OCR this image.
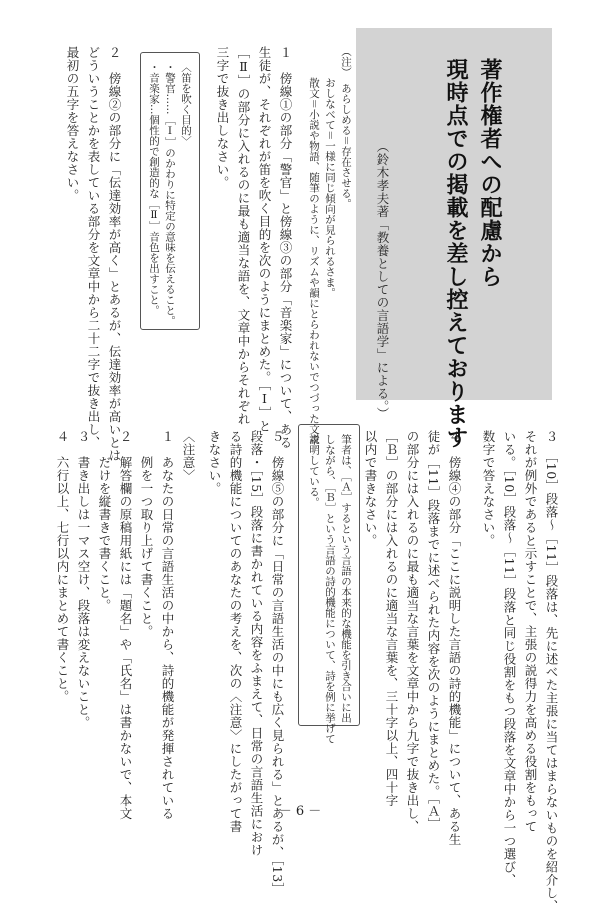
著作権者への配慮から
現時点での掲載を差し控えております
（鈴木孝夫著「教養としての言語学」による。）
（注）　あらしめる＝存在させる。
　　　おしなべて＝一様に同じ傾向が見られるさま。
　　　散文＝小説や物語、随筆のように、リズムや韻にとらわれないでつづった文章。
１　傍線①の部分「警官」と傍線③の部分「音楽家」について、ある
生徒が、それぞれが笛を吹く目的を次のようにまとめた。［Ⅰ］と
［Ⅱ］の部分に入れるのに最も適当な語を、文章中からそれぞれ
三字で抜き出しなさい。
〈笛を吹く目的〉
・警官……［Ⅰ］のかわりに特定の意味を伝えること。
・音楽家…個性的で創造的な［Ⅱ］音色を出すこと。
２　傍線②の部分に「伝達効率が高く」とあるが、伝達効率が高いとは
どういうことかを表している部分を文章中から二十二字で抜き出し、
最初の五字を答えなさい。
３　［10］段落～［11］段落は、先に述べた主張に当てはまらないものを紹介し、
それが例外であると示すことで、主張の説得力を高める役割をもって
いる。［10］段落～［11］段落と同じ役割をもつ段落を文章中から一つ選び、
数字で答えなさい。
４　傍線④の部分「ここに説明した言語の詩的機能」について、ある生
徒が［11］段落までに述べられた内容を次のようにまとめた。［Ａ］
の部分には入れるのに最も適当な言葉を文章中から九字で抜き出し、
［Ｂ］の部分には入れるのに適当な言葉を、三十字以上、四十字
以内で書きなさい。
筆者は、［Ａ］するという言語の本来的な機能を引き合いに出
しながら、［Ｂ］という言語の詩的機能について、詩を例に挙げて
説明している。
５　傍線⑤の部分に「日常の言語生活の中にも広く見られる」とあるが、［13］
段落・［15］段落に書かれている内容をふまえて、日常の言語生活におけ
る詩的機能についてのあなたの考えを、次の〈注意〉にしたがって書
きなさい。
〈注意〉
１　あなたの日常の言語生活の中から、詩的機能が発揮されている
　　例を一つ取り上げて書くこと。
２　解答欄の原稿用紙には「題名」や「氏名」は書かないで、本文
　　だけを縦書きで書くこと。
３　書き出しは一マス空け、段落は変えないこと。
４　六行以上、七行以内にまとめて書くこと。
－ 6 －
